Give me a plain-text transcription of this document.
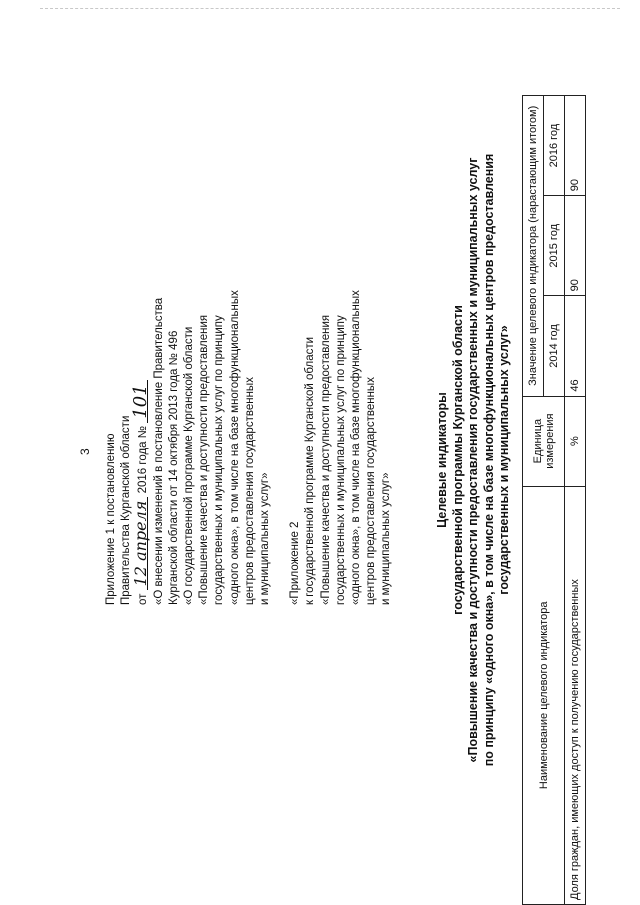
3 Приложение 1 к постановлению Правительства Курганской области от 12 апреля 2016 года № 101 «О внесении изменений в постановление Правительства Курганской области от 14 октября 2013 года № 496 «О государственной программе Курганской области «Повышение качества и доступности предоставления государственных и муниципальных услуг по принципу «одного окна», в том числе на базе многофункциональных центров предоставления государственных и муниципальных услуг» «Приложение 2 к государственной программе Курганской области «Повышение качества и доступности предоставления государственных и муниципальных услуг по принципу «одного окна», в том числе на базе многофункциональных центров предоставления государственных и муниципальных услуг»
Целевые индикаторы государственной программы Курганской области «Повышение качества и доступности предоставления государственных и муниципальных услуг по принципу «одного окна», в том числе на базе многофункциональных центров предоставления государственных и муниципальных услуг»
Наименование целевого индикатора	Единица измерения	Значение целевого индикатора (нарастающим итогом)		
		2014 год	2015 год	2016 год
Доля граждан, имеющих доступ к получению государственных	%	46	90	90
